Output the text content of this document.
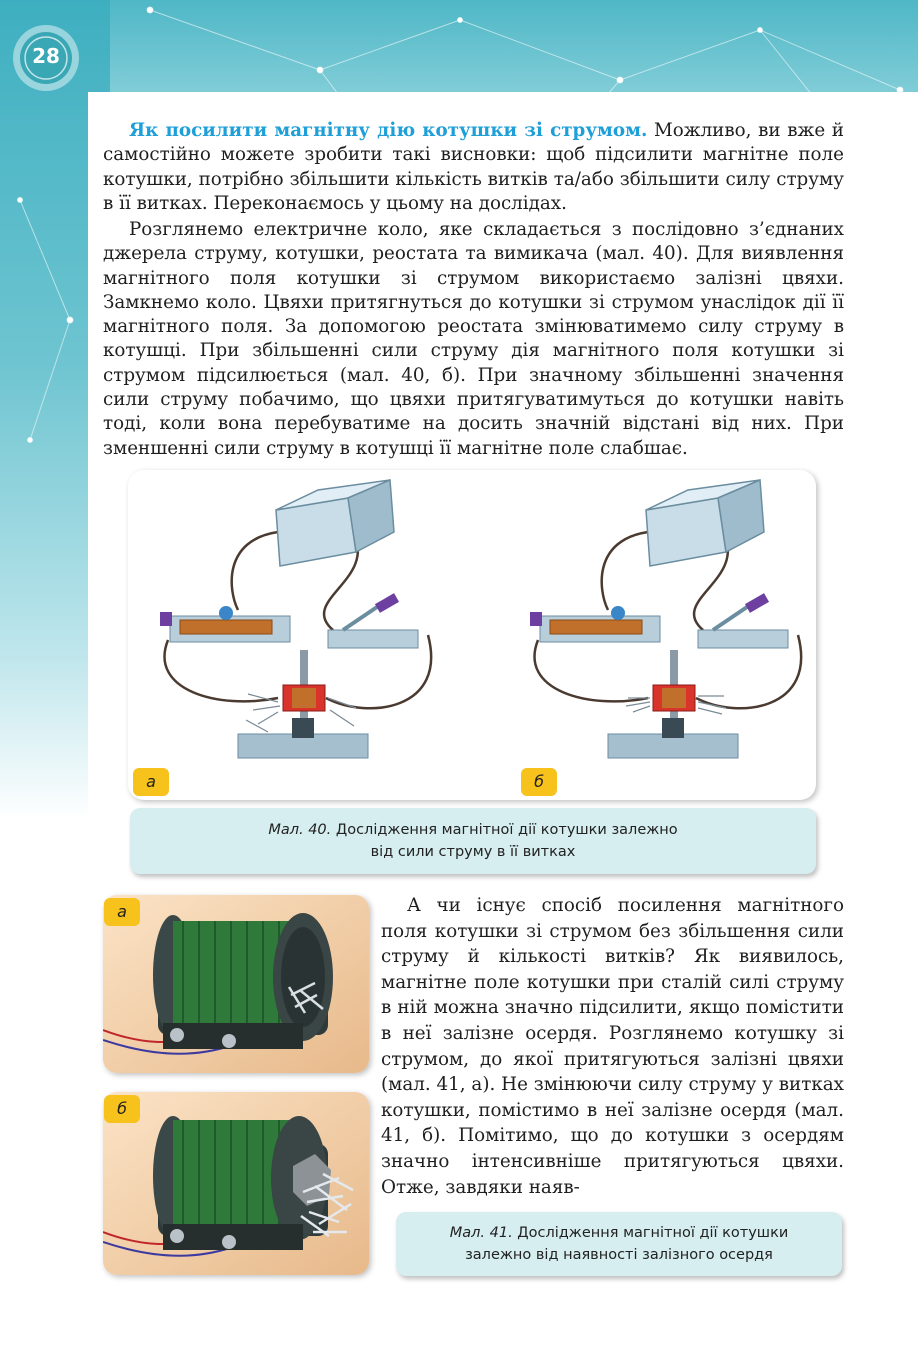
28

Як посилити магнітну дію котушки зі струмом. Можливо, ви вже й самостійно можете зробити такі висновки: щоб підсилити магнітне поле котушки, потрібно збільшити кількість витків та/або збільшити силу струму в її витках. Переконаємось у цьому на дослідах.

Розглянемо електричне коло, яке складається з послідовно з’єднаних джерела струму, котушки, реостата та вимикача (мал. 40). Для виявлення магнітного поля котушки зі струмом використаємо залізні цвяхи. Замкнемо коло. Цвяхи притягнуться до котушки зі струмом унаслідок дії її магнітного поля. За допомогою реостата змінюватимемо силу струму в котушці. При збільшенні сили струму дія магнітного поля котушки зі струмом підсилюється (мал. 40, б). При значному збільшенні значення сили струму побачимо, що цвяхи притягуватимуться до котушки навіть тоді, коли вона перебуватиме на досить значній відстані від них. При зменшенні сили струму в котушці її магнітне поле слабшає.

а	б
Мал. 40. Дослідження магнітної дії котушки залежно
від сили струму в її витках
а
б

А чи існує спосіб посилення магнітного поля котушки зі струмом без збільшення сили струму й кількості витків? Як виявилось, магнітне поле котушки при сталій силі струму в ній можна значно підсилити, якщо помістити в неї залізне осердя. Розглянемо котушку зі струмом, до якої притягуються залізні цвяхи (мал. 41, а). Не змінюючи силу струму у витках котушки, помістимо в неї залізне осердя (мал. 41, б). Помітимо, що до котушки з осердям значно інтенсивніше притягуються цвяхи. Отже, завдяки наяв-

Мал. 41. Дослідження магнітної дії котушки
залежно від наявності залізного осердя
